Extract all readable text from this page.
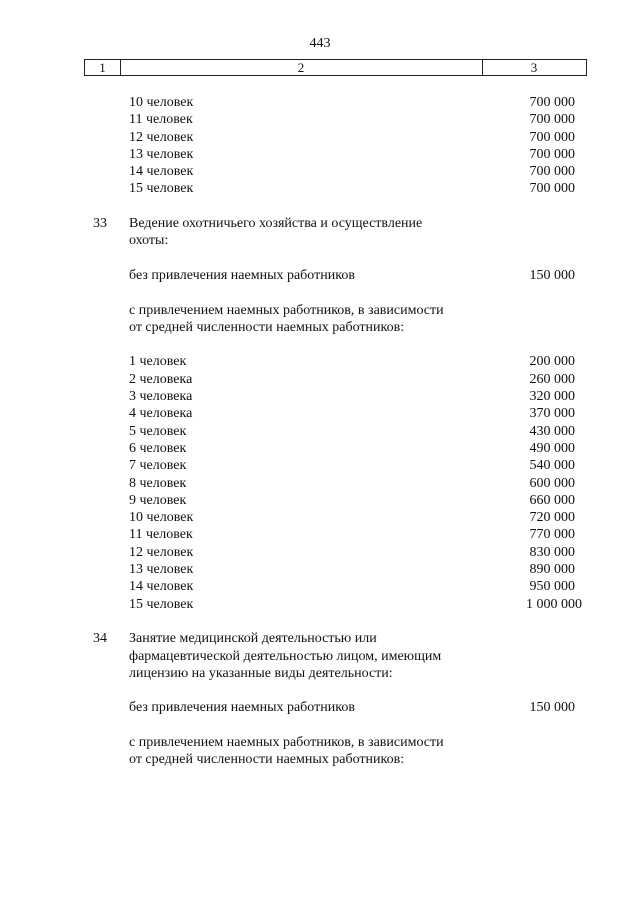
443
1	2	3
10 человек	700 000
11 человек	700 000
12 человек	700 000
13 человек	700 000
14 человек	700 000
15 человек	700 000
33 Ведение охотничьего хозяйства и осуществление
охоты:
без привлечения наемных работников	150 000
с привлечением наемных работников, в зависимости
от средней численности наемных работников:
1 человек	200 000
2 человека	260 000
3 человека	320 000
4 человека	370 000
5 человек	430 000
6 человек	490 000
7 человек	540 000
8 человек	600 000
9 человек	660 000
10 человек	720 000
11 человек	770 000
12 человек	830 000
13 человек	890 000
14 человек	950 000
15 человек	1 000 000
34 Занятие медицинской деятельностью или
фармацевтической деятельностью лицом, имеющим
лицензию на указанные виды деятельности:
без привлечения наемных работников	150 000
с привлечением наемных работников, в зависимости
от средней численности наемных работников:
